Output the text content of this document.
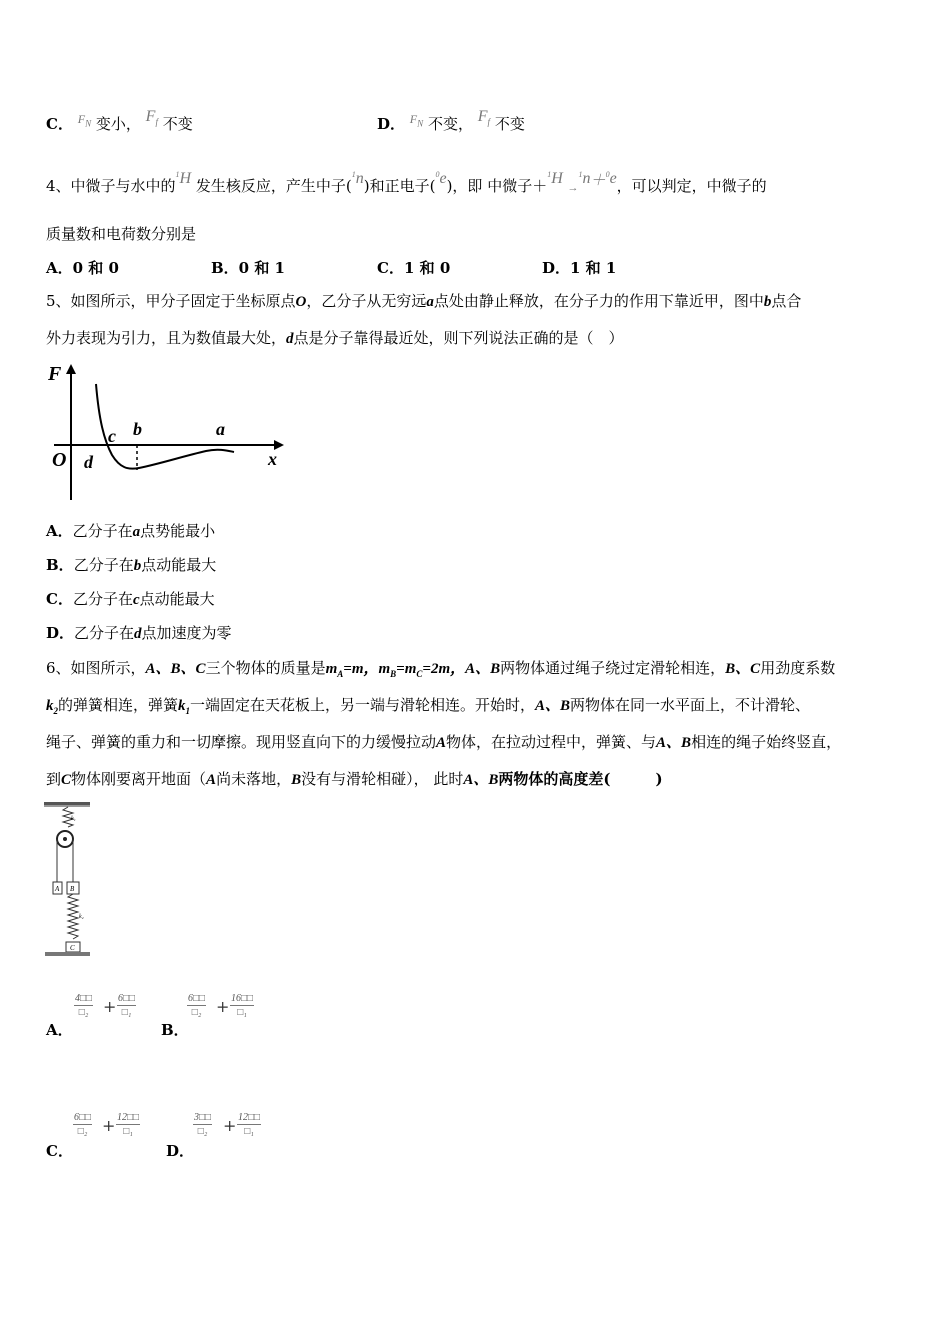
C． $^{F_N}$ 变小， $F_f$ 不变	D． $^{F_N}$ 不变， $F_f$ 不变
4、中微子与水中的$^1$H 发生核反应，产生中子($^1$n)和正电子($^0$e)，即 中微子＋$^1$H →$^1$n＋$^0$e，可以判定，中微子的
质量数和电荷数分别是
A．0 和 0	B．0 和 1	C．1 和 0	D．1 和 1
5、如图所示，甲分子固定于坐标原点O，乙分子从无穷远a点处由静止释放，在分子力的作用下靠近甲，图中b点合
外力表现为引力，且为数值最大处，d点是分子靠得最近处，则下列说法正确的是（　）
F
O	x
d
c b	a
A．乙分子在a点势能最小
B．乙分子在b点动能最大
C．乙分子在c点动能最大
D．乙分子在d点加速度为零
6、如图所示，A、B、C三个物体的质量是$m_A=m$，$m_B=m_C=2m$，A、B两物体通过绳子绕过定滑轮相连，B、C用劲度系数
$k_2$的弹簧相连，弹簧$k_1$一端固定在天花板上，另一端与滑轮相连。开始时，A、B两物体在同一水平面上，不计滑轮、
绳子、弹簧的重力和一切摩擦。现用竖直向下的力缓慢拉动A物体，在拉动过程中，弹簧、与A、B相连的绳子始终竖直，
到C物体刚要离开地面（A尚未落地，B没有与滑轮相碰）， 此时A、B两物体的高度差(　　　)
k₁
A B
k₂
C
A．
4□□
□₂ + 6□□
□₁
B．
6□□
□₂ + 16□□
□₁
C．
6□□
□₂ + 12□□
□₁
D．
3□□
□₂ + 12□□
□₁
